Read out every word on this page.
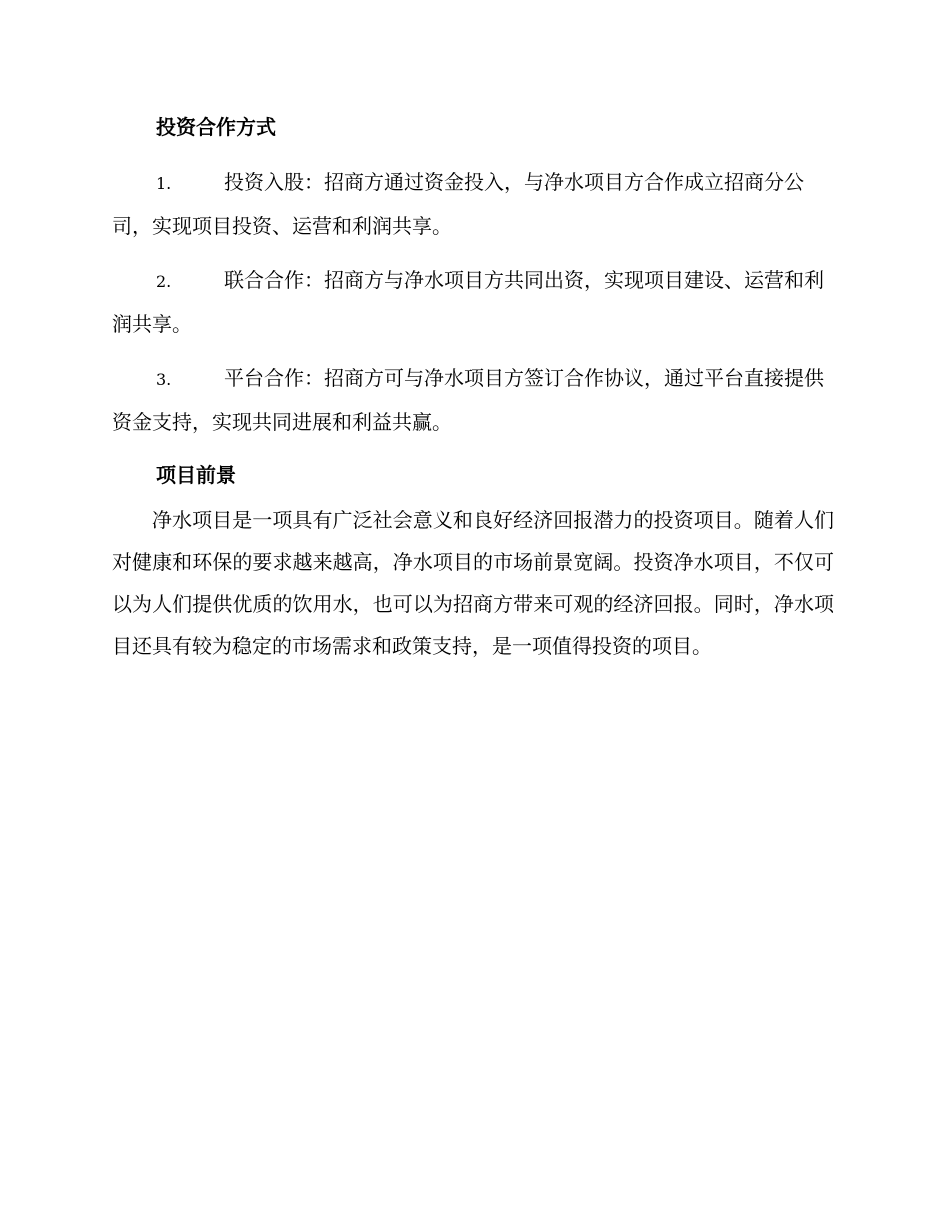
投资合作方式

1.	投资入股：招商方通过资金投入，与净水项目方合作成立招商分公司，实现项目投资、运营和利润共享。

2.	联合合作：招商方与净水项目方共同出资，实现项目建设、运营和利润共享。

3.	平台合作：招商方可与净水项目方签订合作协议，通过平台直接提供资金支持，实现共同进展和利益共赢。

项目前景

净水项目是一项具有广泛社会意义和良好经济回报潜力的投资项目。随着人们对健康和环保的要求越来越高，净水项目的市场前景宽阔。投资净水项目，不仅可以为人们提供优质的饮用水，也可以为招商方带来可观的经济回报。同时，净水项目还具有较为稳定的市场需求和政策支持，是一项值得投资的项目。
